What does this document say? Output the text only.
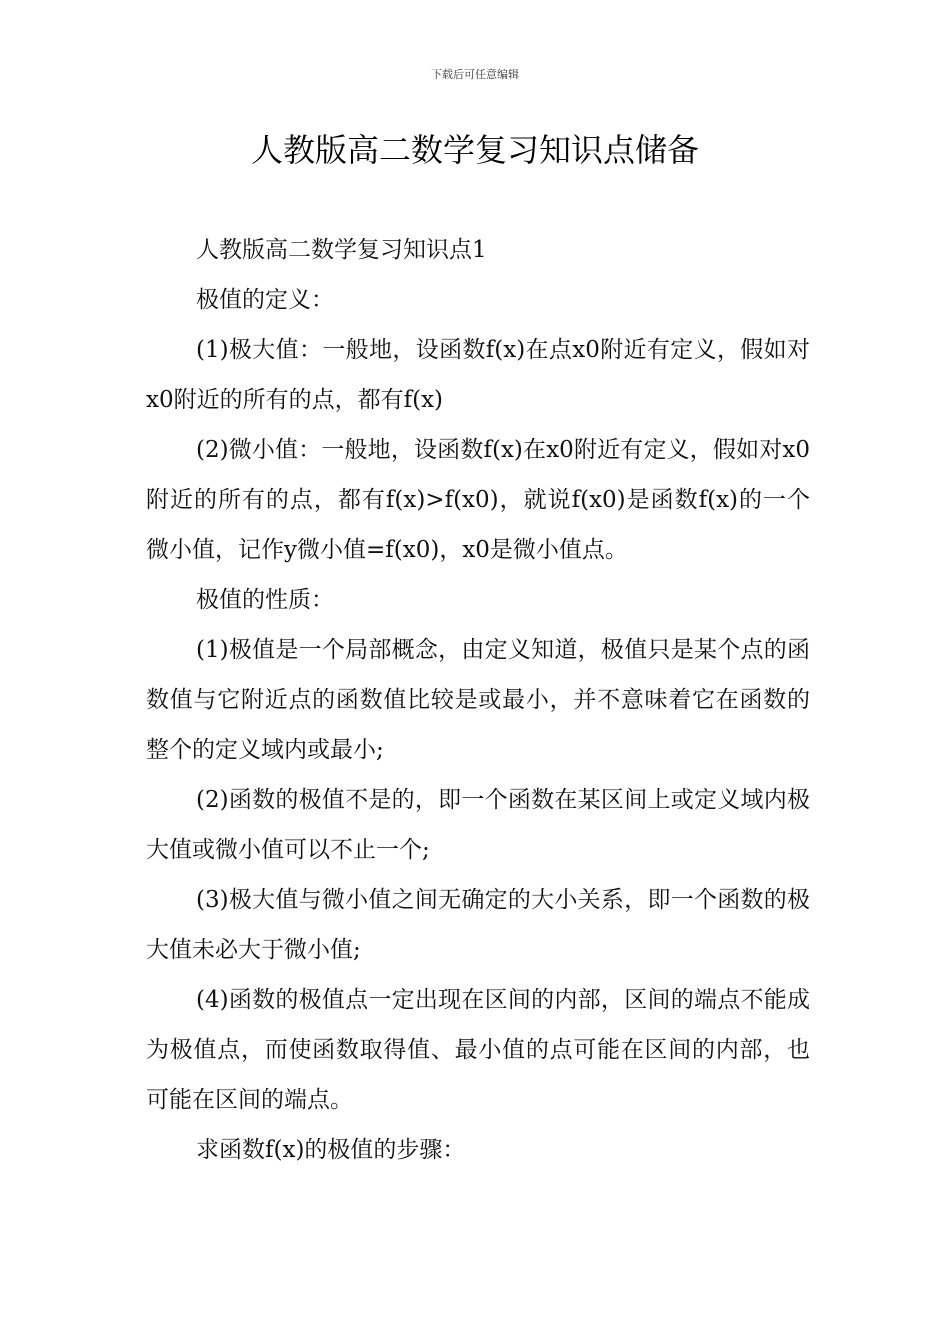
下载后可任意编辑
人教版高二数学复习知识点储备

人教版高二数学复习知识点1

极值的定义：

(1)极大值：一般地，设函数f(x)在点x0附近有定义，假如对x0附近的所有的点，都有f(x)

(2)微小值：一般地，设函数f(x)在x0附近有定义，假如对x0附近的所有的点，都有f(x)>f(x0)，就说f(x0)是函数f(x)的一个微小值，记作y微小值=f(x0)，x0是微小值点。

极值的性质：

(1)极值是一个局部概念，由定义知道，极值只是某个点的函数值与它附近点的函数值比较是或最小，并不意味着它在函数的整个的定义域内或最小;

(2)函数的极值不是的，即一个函数在某区间上或定义域内极大值或微小值可以不止一个;

(3)极大值与微小值之间无确定的大小关系，即一个函数的极大值未必大于微小值;

(4)函数的极值点一定出现在区间的内部，区间的端点不能成为极值点，而使函数取得值、最小值的点可能在区间的内部，也可能在区间的端点。

求函数f(x)的极值的步骤：
